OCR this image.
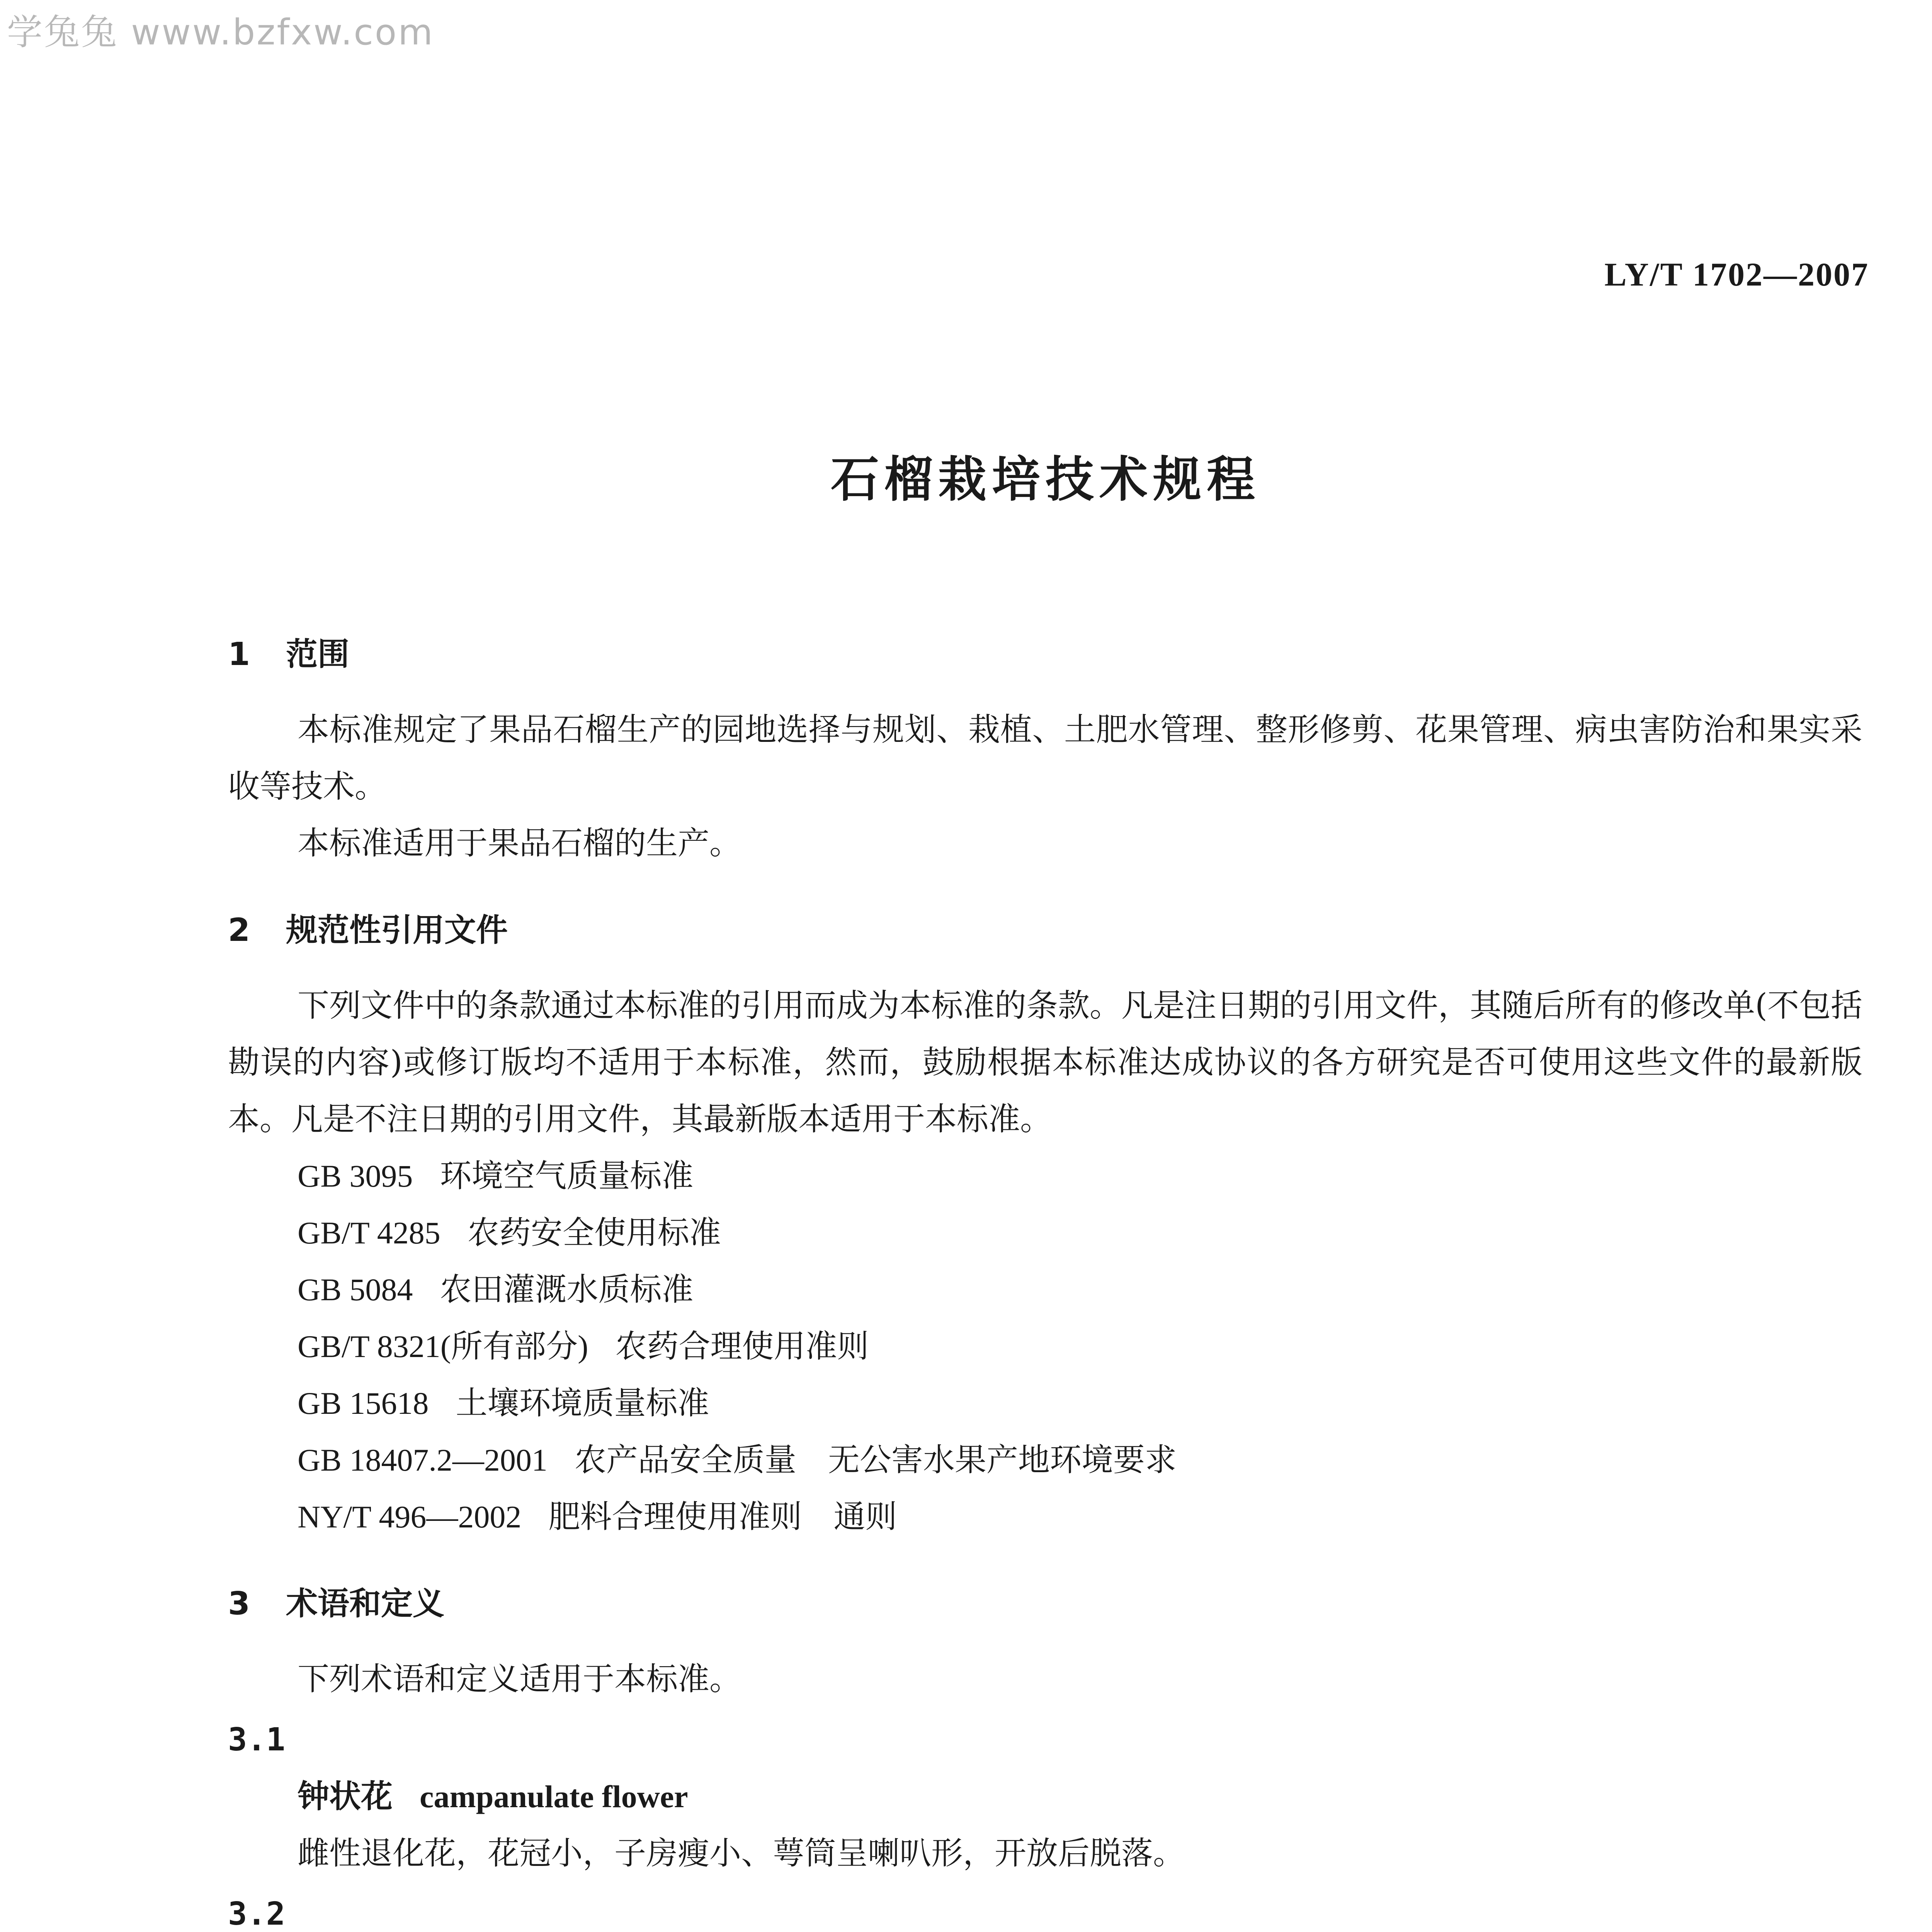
学兔兔 www.bzfxw.com
LY/T 1702—2007
石榴栽培技术规程
1 范围

本标准规定了果品石榴生产的园地选择与规划、栽植、土肥水管理、整形修剪、花果管理、病虫害防治和果实采收等技术。

本标准适用于果品石榴的生产。

2 规范性引用文件

下列文件中的条款通过本标准的引用而成为本标准的条款。凡是注日期的引用文件，其随后所有的修改单(不包括勘误的内容)或修订版均不适用于本标准，然而，鼓励根据本标准达成协议的各方研究是否可使用这些文件的最新版本。凡是不注日期的引用文件，其最新版本适用于本标准。

GB 3095 环境空气质量标准

GB/T 4285 农药安全使用标准

GB 5084 农田灌溉水质标准

GB/T 8321(所有部分) 农药合理使用准则

GB 15618 土壤环境质量标准

GB 18407.2—2001 农产品安全质量　无公害水果产地环境要求

NY/T 496—2002 肥料合理使用准则　通则

3 术语和定义

下列术语和定义适用于本标准。

3.1
钟状花 campanulate flower
雌性退化花，花冠小，子房瘦小、萼筒呈喇叭形，开放后脱落。
3.2
